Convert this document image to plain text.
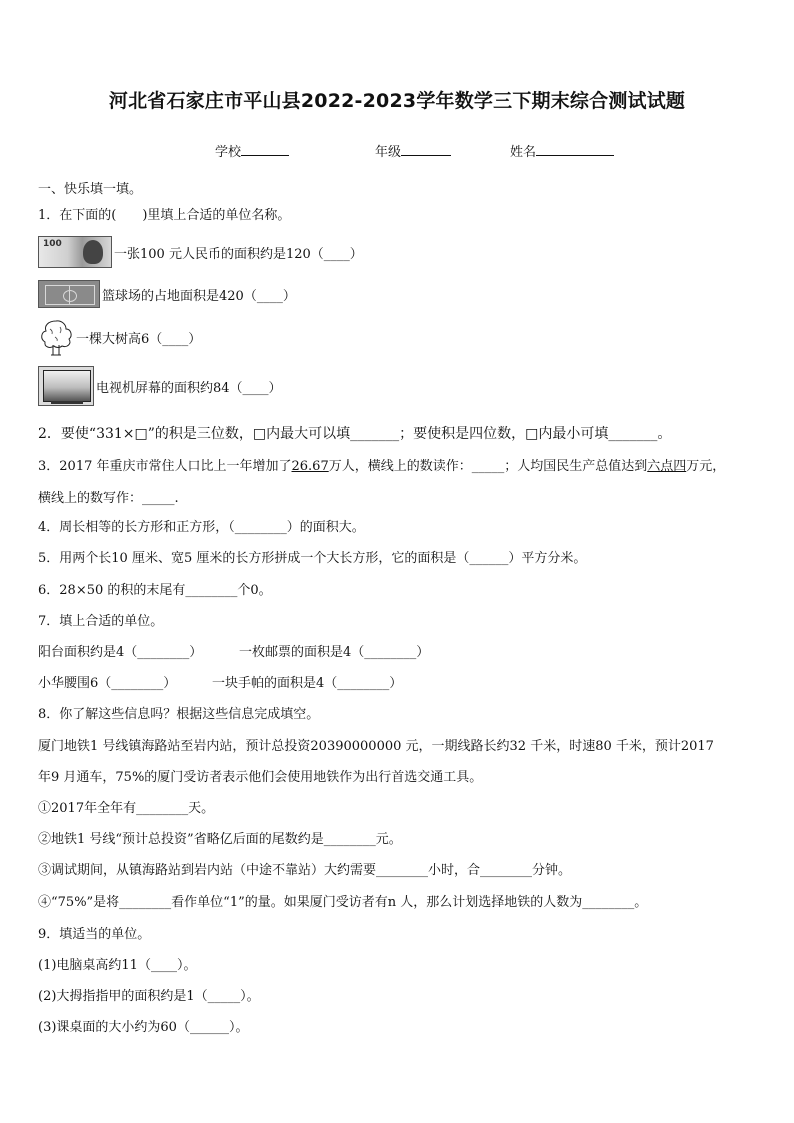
河北省石家庄市平山县2022-2023学年数学三下期末综合测试试题
学校	年级	姓名
一、快乐填一填。
1．在下面的(　　)里填上合适的单位名称。
100
一张100 元人民币的面积约是120（____）
篮球场的占地面积是420（____）
一棵大树高6（____）
电视机屏幕的面积约84（____）
2．要使“331×□”的积是三位数，□内最大可以填_______；要使积是四位数，□内最小可填_______。
3．2017 年重庆市常住人口比上一年增加了26.67万人，横线上的数读作：_____；人均国民生产总值达到六点四万元，
横线上的数写作：_____.
4．周长相等的长方形和正方形，（________）的面积大。
5．用两个长10 厘米、宽5 厘米的长方形拼成一个大长方形，它的面积是（______）平方分米。
6．28×50 的积的末尾有________个0。
7．填上合适的单位。
阳台面积约是4（________）	一枚邮票的面积是4（________）
小华腰围6（________）	一块手帕的面积是4（________）
8．你了解这些信息吗？根据这些信息完成填空。
厦门地铁1 号线镇海路站至岩内站，预计总投资20390000000 元，一期线路长约32 千米，时速80 千米，预计2017
年9 月通车，75%的厦门受访者表示他们会使用地铁作为出行首选交通工具。
①2017年全年有________天。
②地铁1 号线“预计总投资”省略亿后面的尾数约是________元。
③调试期间，从镇海路站到岩内站（中途不靠站）大约需要________小时，合________分钟。
④“75%”是将________看作单位“1”的量。如果厦门受访者有n 人，那么计划选择地铁的人数为________。
9．填适当的单位。
(1)电脑桌高约11（____）。
(2)大拇指指甲的面积约是1（_____）。
(3)课桌面的大小约为60（______）。
